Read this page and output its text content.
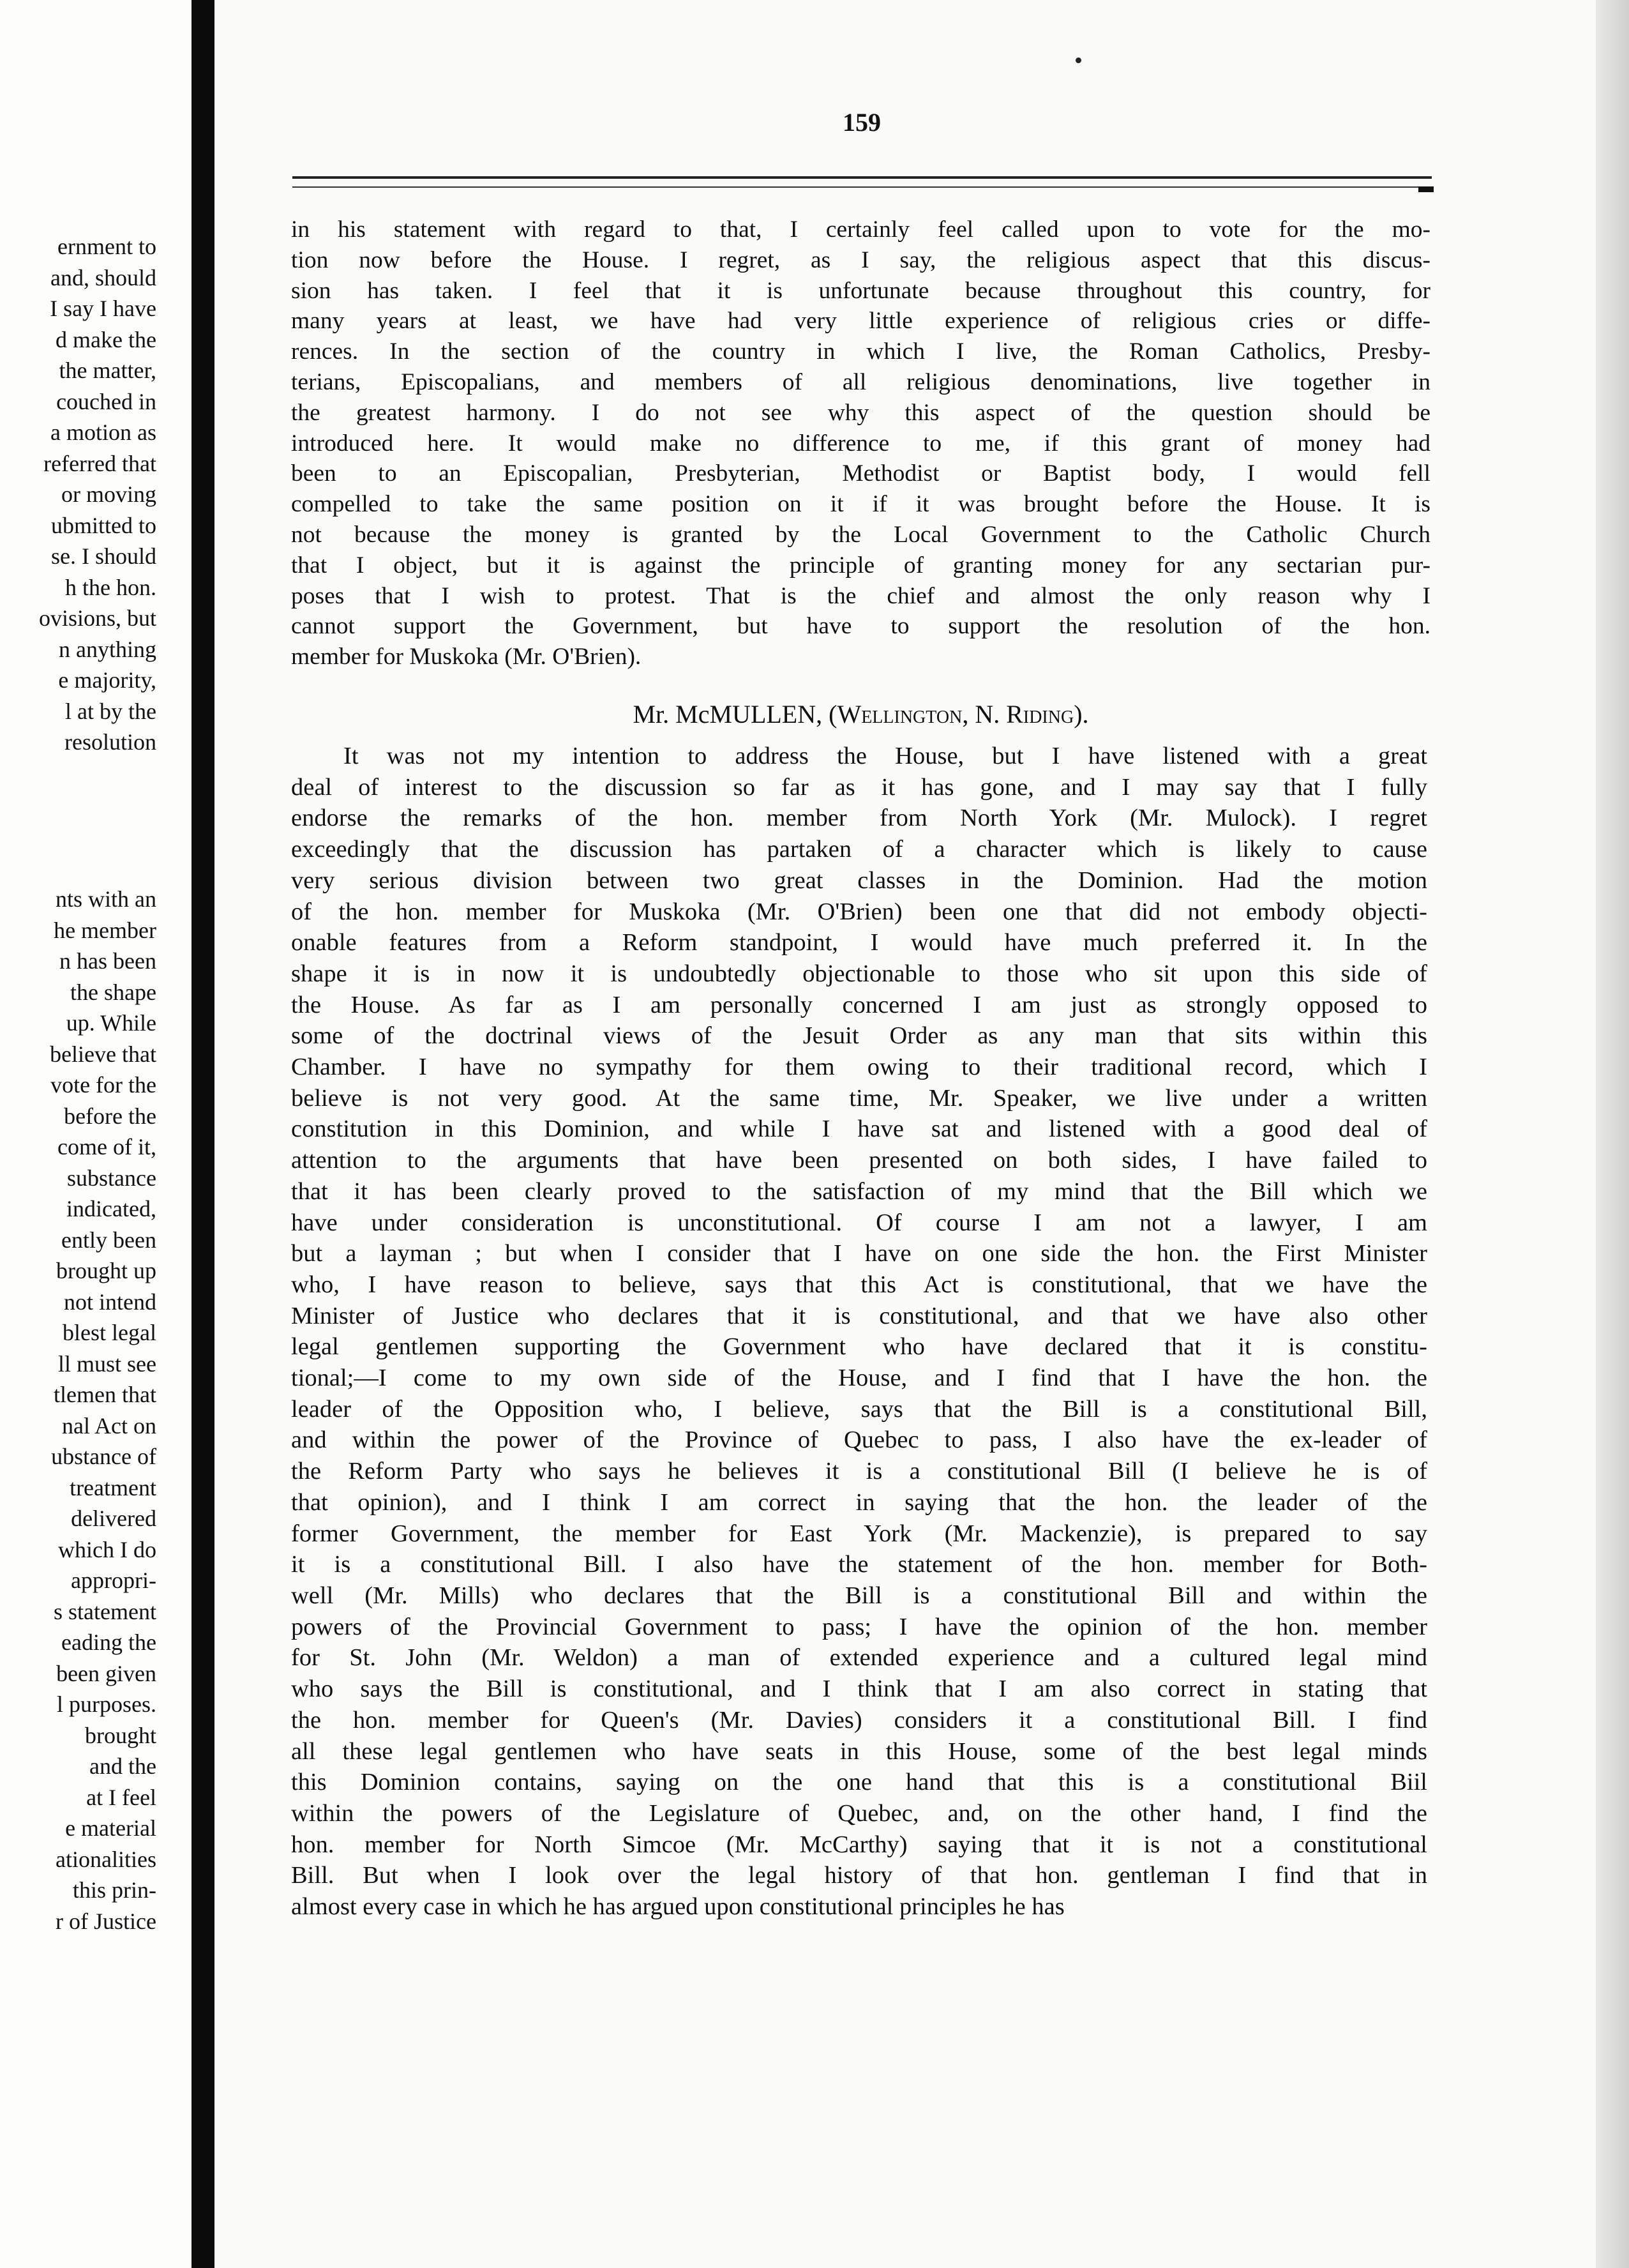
ernment to
and, should
I say I have
d make the
the matter,
couched in
a motion as
referred that
or moving
ubmitted to
se. I should
h the hon.
ovisions, but
n anything
e majority,
l at by the
resolution
nts with an
he member
n has been
the shape
up. While
believe that
vote for the
before the
come of it,
substance
indicated,
ently been
brought up
not intend
blest legal
ll must see
tlemen that
nal Act on
ubstance of
treatment
delivered
which I do
appropri-
s statement
eading the
been given
l purposes.
brought
and the
at I feel
e material
ationalities
this prin-
r of Justice
159
in his statement with regard to that, I certainly feel called upon to vote for the mo-
tion now before the House. I regret, as I say, the religious aspect that this discus-
sion has taken. I feel that it is unfortunate because throughout this country, for
many years at least, we have had very little experience of religious cries or diffe-
rences. In the section of the country in which I live, the Roman Catholics, Presby-
terians, Episcopalians, and members of all religious denominations, live together in
the greatest harmony. I do not see why this aspect of the question should be
introduced here. It would make no difference to me, if this grant of money had
been to an Episcopalian, Presbyterian, Methodist or Baptist body, I would fell
compelled to take the same position on it if it was brought before the House. It is
not because the money is granted by the Local Government to the Catholic Church
that I object, but it is against the principle of granting money for any sectarian pur-
poses that I wish to protest. That is the chief and almost the only reason why I
cannot support the Government, but have to support the resolution of the hon.
member for Muskoka (Mr. O'Brien).
Mr. McMULLEN, (Wellington, N. Riding).
It was not my intention to address the House, but I have listened with a great
deal of interest to the discussion so far as it has gone, and I may say that I fully
endorse the remarks of the hon. member from North York (Mr. Mulock). I regret
exceedingly that the discussion has partaken of a character which is likely to cause
very serious division between two great classes in the Dominion. Had the motion
of the hon. member for Muskoka (Mr. O'Brien) been one that did not embody objecti-
onable features from a Reform standpoint, I would have much preferred it. In the
shape it is in now it is undoubtedly objectionable to those who sit upon this side of
the House. As far as I am personally concerned I am just as strongly opposed to
some of the doctrinal views of the Jesuit Order as any man that sits within this
Chamber. I have no sympathy for them owing to their traditional record, which I
believe is not very good. At the same time, Mr. Speaker, we live under a written
constitution in this Dominion, and while I have sat and listened with a good deal of
attention to the arguments that have been presented on both sides, I have failed to
that it has been clearly proved to the satisfaction of my mind that the Bill which we
have under consideration is unconstitutional. Of course I am not a lawyer, I am
but a layman ; but when I consider that I have on one side the hon. the First Minister
who, I have reason to believe, says that this Act is constitutional, that we have the
Minister of Justice who declares that it is constitutional, and that we have also other
legal gentlemen supporting the Government who have declared that it is constitu-
tional;—I come to my own side of the House, and I find that I have the hon. the
leader of the Opposition who, I believe, says that the Bill is a constitutional Bill,
and within the power of the Province of Quebec to pass, I also have the ex-leader of
the Reform Party who says he believes it is a constitutional Bill (I believe he is of
that opinion), and I think I am correct in saying that the hon. the leader of the
former Government, the member for East York (Mr. Mackenzie), is prepared to say
it is a constitutional Bill. I also have the statement of the hon. member for Both-
well (Mr. Mills) who declares that the Bill is a constitutional Bill and within the
powers of the Provincial Government to pass; I have the opinion of the hon. member
for St. John (Mr. Weldon) a man of extended experience and a cultured legal mind
who says the Bill is constitutional, and I think that I am also correct in stating that
the hon. member for Queen's (Mr. Davies) considers it a constitutional Bill. I find
all these legal gentlemen who have seats in this House, some of the best legal minds
this Dominion contains, saying on the one hand that this is a constitutional Biil
within the powers of the Legislature of Quebec, and, on the other hand, I find the
hon. member for North Simcoe (Mr. McCarthy) saying that it is not a constitutional
Bill. But when I look over the legal history of that hon. gentleman I find that in
almost every case in which he has argued upon constitutional principles he has
